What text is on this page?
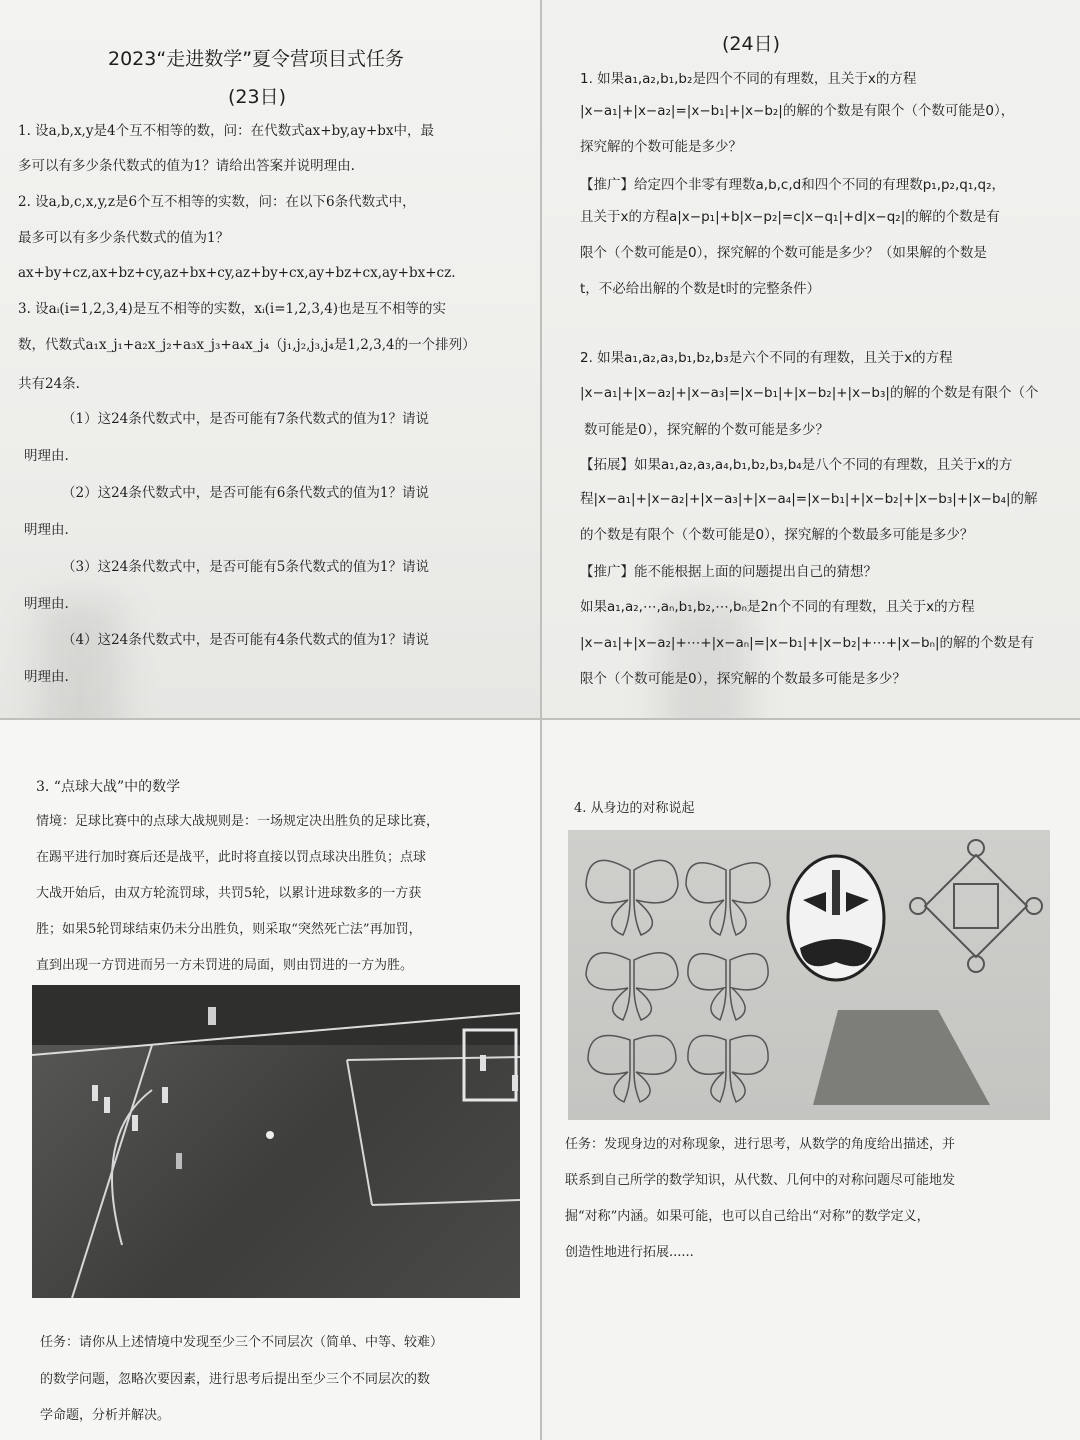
2023“走进数学”夏令营项目式任务
(23日)
1. 设a,b,x,y是4个互不相等的数，问：在代数式ax+by,ay+bx中，最
多可以有多少条代数式的值为1？请给出答案并说明理由.
2. 设a,b,c,x,y,z是6个互不相等的实数，问：在以下6条代数式中，
最多可以有多少条代数式的值为1？
ax+by+cz,ax+bz+cy,az+bx+cy,az+by+cx,ay+bz+cx,ay+bx+cz.
3. 设aᵢ(i=1,2,3,4)是互不相等的实数，xᵢ(i=1,2,3,4)也是互不相等的实
数，代数式a₁x_j₁+a₂x_j₂+a₃x_j₃+a₄x_j₄（j₁,j₂,j₃,j₄是1,2,3,4的一个排列）
共有24条.
（1）这24条代数式中，是否可能有7条代数式的值为1？请说
明理由.
（2）这24条代数式中，是否可能有6条代数式的值为1？请说
明理由.
（3）这24条代数式中，是否可能有5条代数式的值为1？请说
明理由.
（4）这24条代数式中，是否可能有4条代数式的值为1？请说
明理由.
(24日)
1. 如果a₁,a₂,b₁,b₂是四个不同的有理数，且关于x的方程
|x−a₁|+|x−a₂|=|x−b₁|+|x−b₂|的解的个数是有限个（个数可能是0），
探究解的个数可能是多少？
【推广】给定四个非零有理数a,b,c,d和四个不同的有理数p₁,p₂,q₁,q₂，
且关于x的方程a|x−p₁|+b|x−p₂|=c|x−q₁|+d|x−q₂|的解的个数是有
限个（个数可能是0），探究解的个数可能是多少？（如果解的个数是
t，不必给出解的个数是t时的完整条件）
2. 如果a₁,a₂,a₃,b₁,b₂,b₃是六个不同的有理数，且关于x的方程
|x−a₁|+|x−a₂|+|x−a₃|=|x−b₁|+|x−b₂|+|x−b₃|的解的个数是有限个（个
数可能是0），探究解的个数可能是多少？
【拓展】如果a₁,a₂,a₃,a₄,b₁,b₂,b₃,b₄是八个不同的有理数，且关于x的方
程|x−a₁|+|x−a₂|+|x−a₃|+|x−a₄|=|x−b₁|+|x−b₂|+|x−b₃|+|x−b₄|的解
的个数是有限个（个数可能是0），探究解的个数最多可能是多少？
【推广】能不能根据上面的问题提出自己的猜想？
如果a₁,a₂,⋯,aₙ,b₁,b₂,⋯,bₙ是2n个不同的有理数，且关于x的方程
|x−a₁|+|x−a₂|+⋯+|x−aₙ|=|x−b₁|+|x−b₂|+⋯+|x−bₙ|的解的个数是有
限个（个数可能是0），探究解的个数最多可能是多少？
3. “点球大战”中的数学
情境：足球比赛中的点球大战规则是：一场规定决出胜负的足球比赛，
在踢平进行加时赛后还是战平，此时将直接以罚点球决出胜负；点球
大战开始后，由双方轮流罚球，共罚5轮，以累计进球数多的一方获
胜；如果5轮罚球结束仍未分出胜负，则采取“突然死亡法”再加罚，
直到出现一方罚进而另一方未罚进的局面，则由罚进的一方为胜。
任务：请你从上述情境中发现至少三个不同层次（简单、中等、较难）
的数学问题，忽略次要因素，进行思考后提出至少三个不同层次的数
学命题，分析并解决。
4. 从身边的对称说起
任务：发现身边的对称现象，进行思考，从数学的角度给出描述，并
联系到自己所学的数学知识，从代数、几何中的对称问题尽可能地发
掘“对称”内涵。如果可能，也可以自己给出“对称”的数学定义，
创造性地进行拓展......
